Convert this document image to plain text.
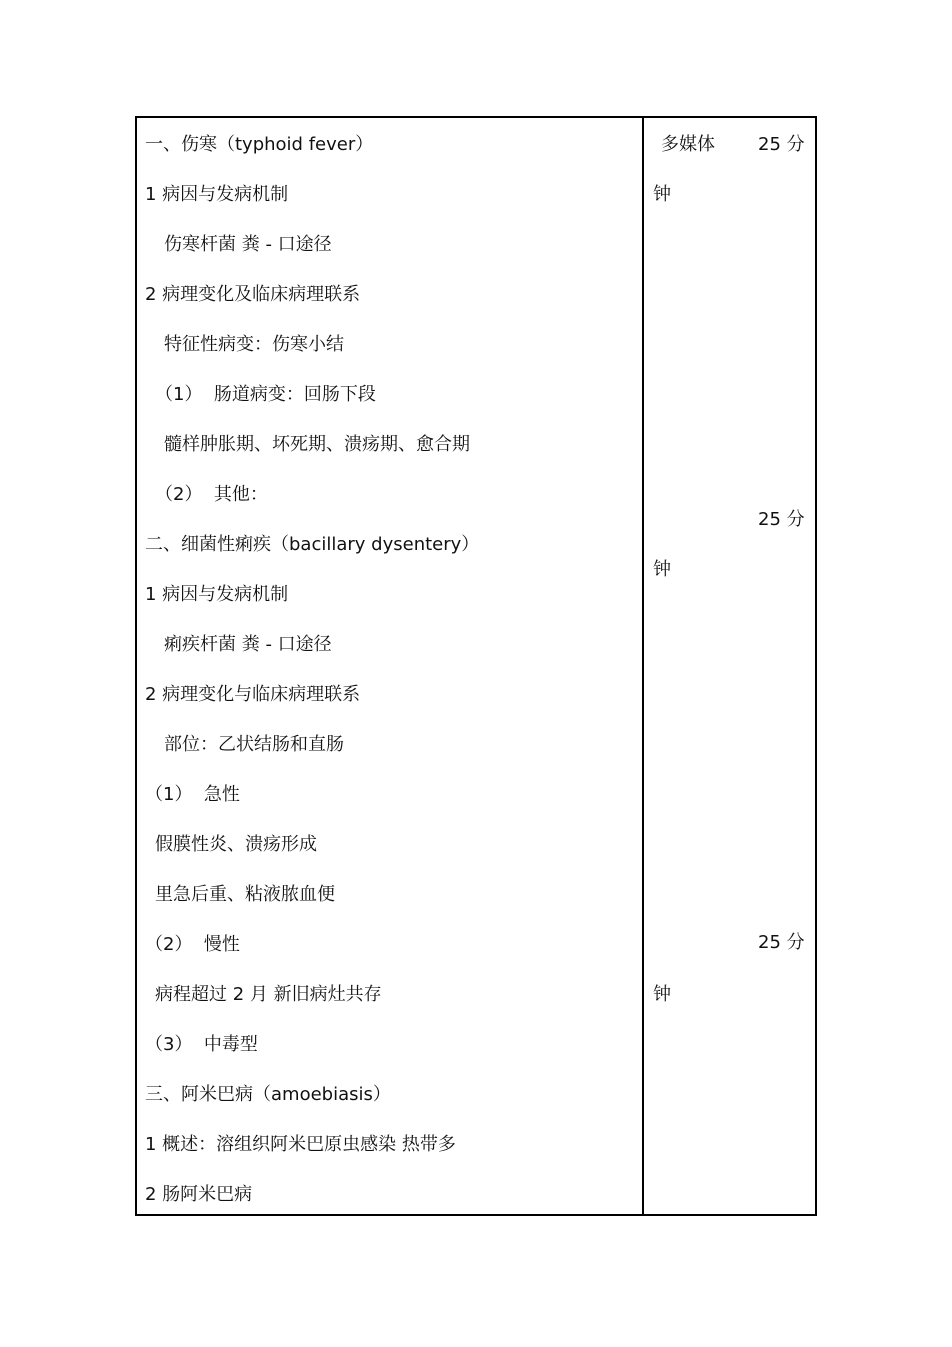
一、伤寒（typhoid fever）
1 病因与发病机制
伤寒杆菌 粪 - 口途径
2 病理变化及临床病理联系
特征性病变：伤寒小结
（1）  肠道病变：回肠下段
髓样肿胀期、坏死期、溃疡期、愈合期
（2）  其他：
二、细菌性痢疾（bacillary dysentery）
1 病因与发病机制
痢疾杆菌 粪 - 口途径
2 病理变化与临床病理联系
部位：乙状结肠和直肠
（1）  急性
假膜性炎、溃疡形成
里急后重、粘液脓血便
（2）  慢性
病程超过 2 月 新旧病灶共存
（3）  中毒型
三、阿米巴病（amoebiasis）
1 概述：溶组织阿米巴原虫感染 热带多
2 肠阿米巴病
多媒体 25 分
钟
25 分
钟
25 分
钟
